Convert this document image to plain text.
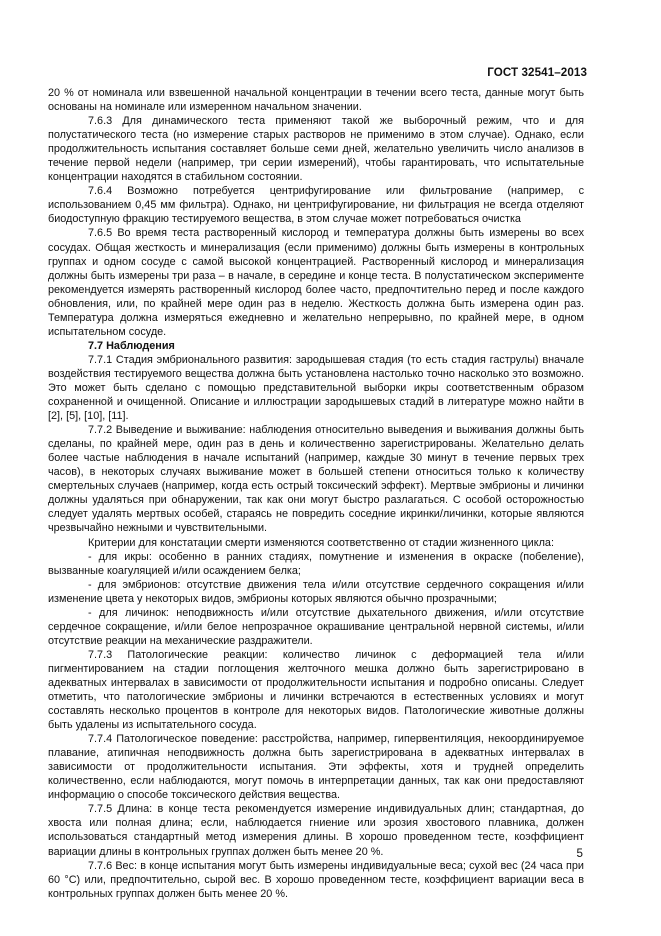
ГОСТ 32541–2013

20 % от номинала или взвешенной начальной концентрации в течении всего теста, данные могут быть основаны на номинале или измеренном начальном значении.

7.6.3 Для динамического теста применяют такой же выборочный режим, что и для полустатического теста (но измерение старых растворов не применимо в этом случае). Однако, если продолжительность испытания составляет больше семи дней, желательно увеличить число анализов в течение первой недели (например, три серии измерений), чтобы гарантировать, что испытательные концентрации находятся в стабильном состоянии.

7.6.4 Возможно потребуется центрифугирование или фильтрование (например, с использованием 0,45 мм фильтра). Однако, ни центрифугирование, ни фильтрация не всегда отделяют биодоступную фракцию тестируемого вещества, в этом случае может потребоваться очистка

7.6.5 Во время теста растворенный кислород и температура должны быть измерены во всех сосудах. Общая жесткость и минерализация (если применимо) должны быть измерены в контрольных группах и одном сосуде с самой высокой концентрацией. Растворенный кислород и минерализация должны быть измерены три раза – в начале, в середине и конце теста. В полустатическом эксперименте рекомендуется измерять растворенный кислород более часто, предпочтительно перед и после каждого обновления, или, по крайней мере один раз в неделю. Жесткость должна быть измерена один раз. Температура должна измеряться ежедневно и желательно непрерывно, по крайней мере, в одном испытательном сосуде.

7.7 Наблюдения

7.7.1 Стадия эмбрионального развития: зародышевая стадия (то есть стадия гаструлы) вначале воздействия тестируемого вещества должна быть установлена настолько точно насколько это возможно. Это может быть сделано с помощью представительной выборки икры соответственным образом сохраненной и очищенной. Описание и иллюстрации зародышевых стадий в литературе можно найти в [2], [5], [10], [11].

7.7.2 Выведение и выживание: наблюдения относительно выведения и выживания должны быть сделаны, по крайней мере, один раз в день и количественно зарегистрированы. Желательно делать более частые наблюдения в начале испытаний (например, каждые 30 минут в течение первых трех часов), в некоторых случаях выживание может в большей степени относиться только к количеству смертельных случаев (например, когда есть острый токсический эффект). Мертвые эмбрионы и личинки должны удаляться при обнаружении, так как они могут быстро разлагаться. С особой осторожностью следует удалять мертвых особей, стараясь не повредить соседние икринки/личинки, которые являются чрезвычайно нежными и чувствительными.

Критерии для констатации смерти изменяются соответственно от стадии жизненного цикла:

- для икры: особенно в ранних стадиях, помутнение и изменения в окраске (побеление), вызванные коагуляцией и/или осаждением белка;

- для эмбрионов: отсутствие движения тела и/или отсутствие сердечного сокращения и/или изменение цвета у некоторых видов, эмбрионы которых являются обычно прозрачными;

- для личинок: неподвижность и/или отсутствие дыхательного движения, и/или отсутствие сердечное сокращение, и/или белое непрозрачное окрашивание центральной нервной системы, и/или отсутствие реакции на механические раздражители.

7.7.3 Патологические реакции: количество личинок с деформацией тела и/или пигментированием на стадии поглощения желточного мешка должно быть зарегистрировано в адекватных интервалах в зависимости от продолжительности испытания и подробно описаны. Следует отметить, что патологические эмбрионы и личинки встречаются в естественных условиях и могут составлять несколько процентов в контроле для некоторых видов. Патологические животные должны быть удалены из испытательного сосуда.

7.7.4 Патологическое поведение: расстройства, например, гипервентиляция, некоординируемое плавание, атипичная неподвижность должна быть зарегистрирована в адекватных интервалах в зависимости от продолжительности испытания. Эти эффекты, хотя и трудней определить количественно, если наблюдаются, могут помочь в интерпретации данных, так как они предоставляют информацию о способе токсического действия вещества.

7.7.5 Длина: в конце теста рекомендуется измерение индивидуальных длин; стандартная, до хвоста или полная длина; если, наблюдается гниение или эрозия хвостового плавника, должен использоваться стандартный метод измерения длины. В хорошо проведенном тесте, коэффициент вариации длины в контрольных группах должен быть менее 20 %.

7.7.6 Вес: в конце испытания могут быть измерены индивидуальные веса; сухой вес (24 часа при 60 °С) или, предпочтительно, сырой вес. В хорошо проведенном тесте, коэффициент вариации веса в контрольных группах должен быть менее 20 %.

5
